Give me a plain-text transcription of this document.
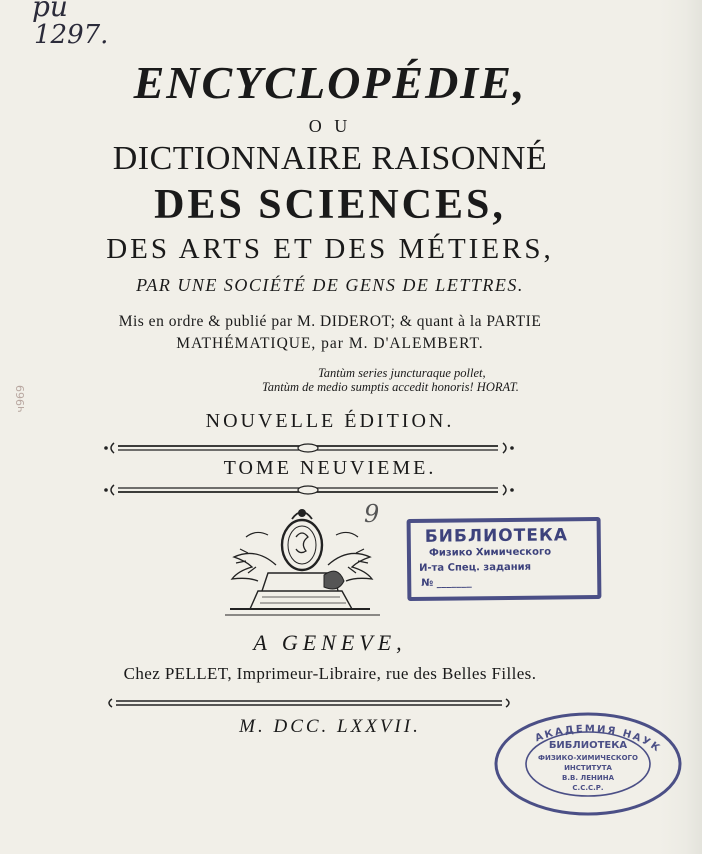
ри
1297.
9
ENCYCLOPÉDIE,
O U
DICTIONNAIRE RAISONNÉ
DES SCIENCES,
DES ARTS ET DES MÉTIERS,
PAR UNE SOCIÉTÉ DE GENS DE LETTRES.
Mis en ordre & publié par M. DIDEROT; & quant à la PARTIE
MATHÉMATIQUE, par M. D'ALEMBERT.
ч969
Tantùm series juncturaque pollet,
Tantùm de medio sumptis accedit honoris! HORAT.
NOUVELLE ÉDITION.
TOME NEUVIEME.
БИБЛИОТЕКА
Физико Химического
И-та Спец. задания
№ _______
A GENEVE,
Chez PELLET, Imprimeur-Libraire, rue des Belles Filles.
M. DCC. LXXVII.
АКАДЕМИЯ НАУК
БИБЛИОТЕКА
ФИЗИКО-ХИМИЧЕСКОГО
ИНСТИТУТА
В.В. ЛЕНИНА
С.С.С.Р.
